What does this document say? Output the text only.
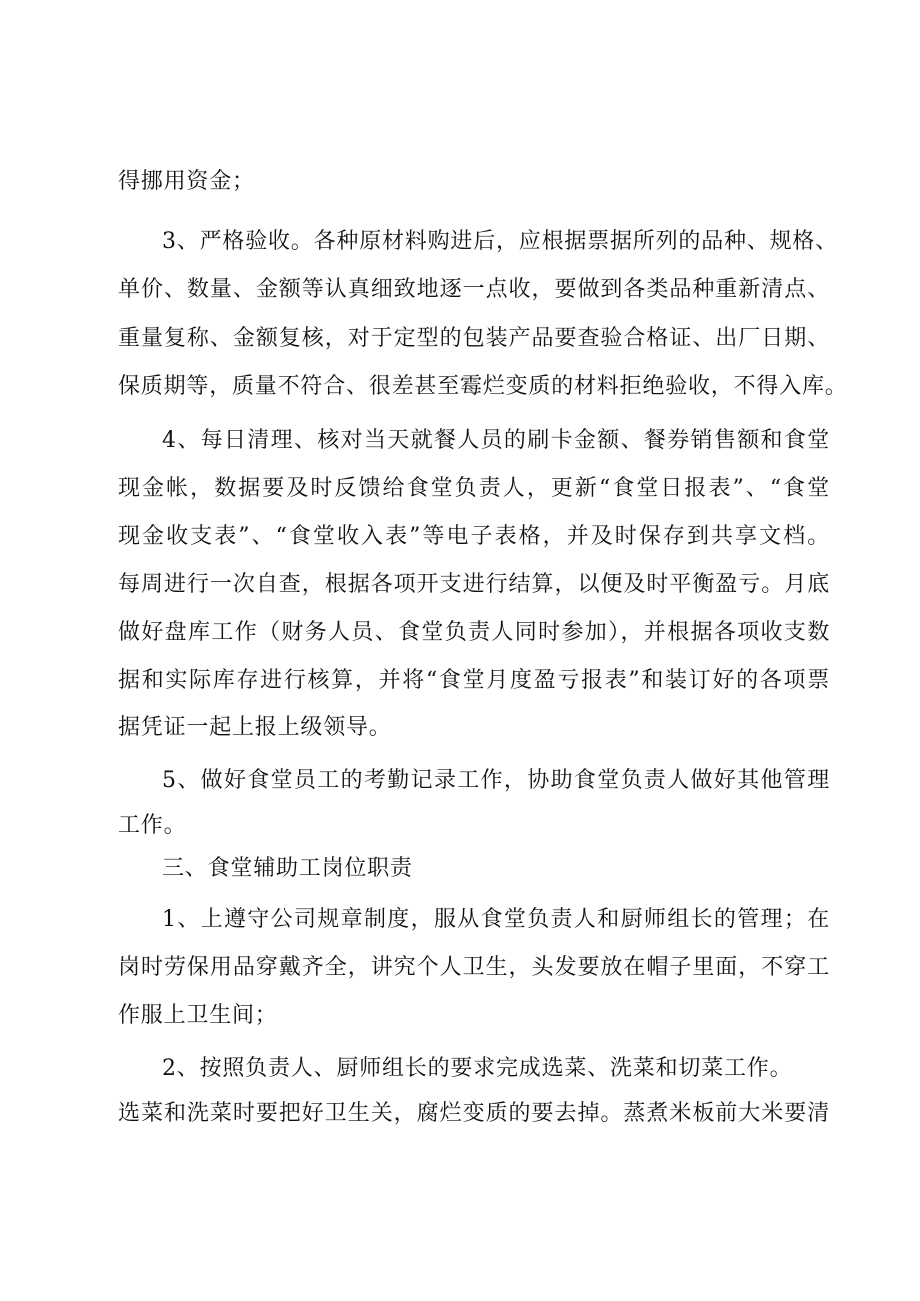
得挪用资金；
3、严格验收。各种原材料购进后，应根据票据所列的品种、规格、
单价、数量、金额等认真细致地逐一点收，要做到各类品种重新清点、
重量复称、金额复核，对于定型的包装产品要查验合格证、出厂日期、
保质期等，质量不符合、很差甚至霉烂变质的材料拒绝验收，不得入库。
4、每日清理、核对当天就餐人员的刷卡金额、餐券销售额和食堂
现金帐，数据要及时反馈给食堂负责人，更新“食堂日报表”、“食堂
现金收支表”、“食堂收入表”等电子表格，并及时保存到共享文档。
每周进行一次自查，根据各项开支进行结算，以便及时平衡盈亏。月底
做好盘库工作（财务人员、食堂负责人同时参加），并根据各项收支数
据和实际库存进行核算，并将“食堂月度盈亏报表”和装订好的各项票
据凭证一起上报上级领导。
5、做好食堂员工的考勤记录工作，协助食堂负责人做好其他管理
工作。
三、食堂辅助工岗位职责
1、上遵守公司规章制度，服从食堂负责人和厨师组长的管理；在
岗时劳保用品穿戴齐全，讲究个人卫生，头发要放在帽子里面，不穿工
作服上卫生间；
2、按照负责人、厨师组长的要求完成选菜、洗菜和切菜工作。
选菜和洗菜时要把好卫生关，腐烂变质的要去掉。蒸煮米板前大米要清
